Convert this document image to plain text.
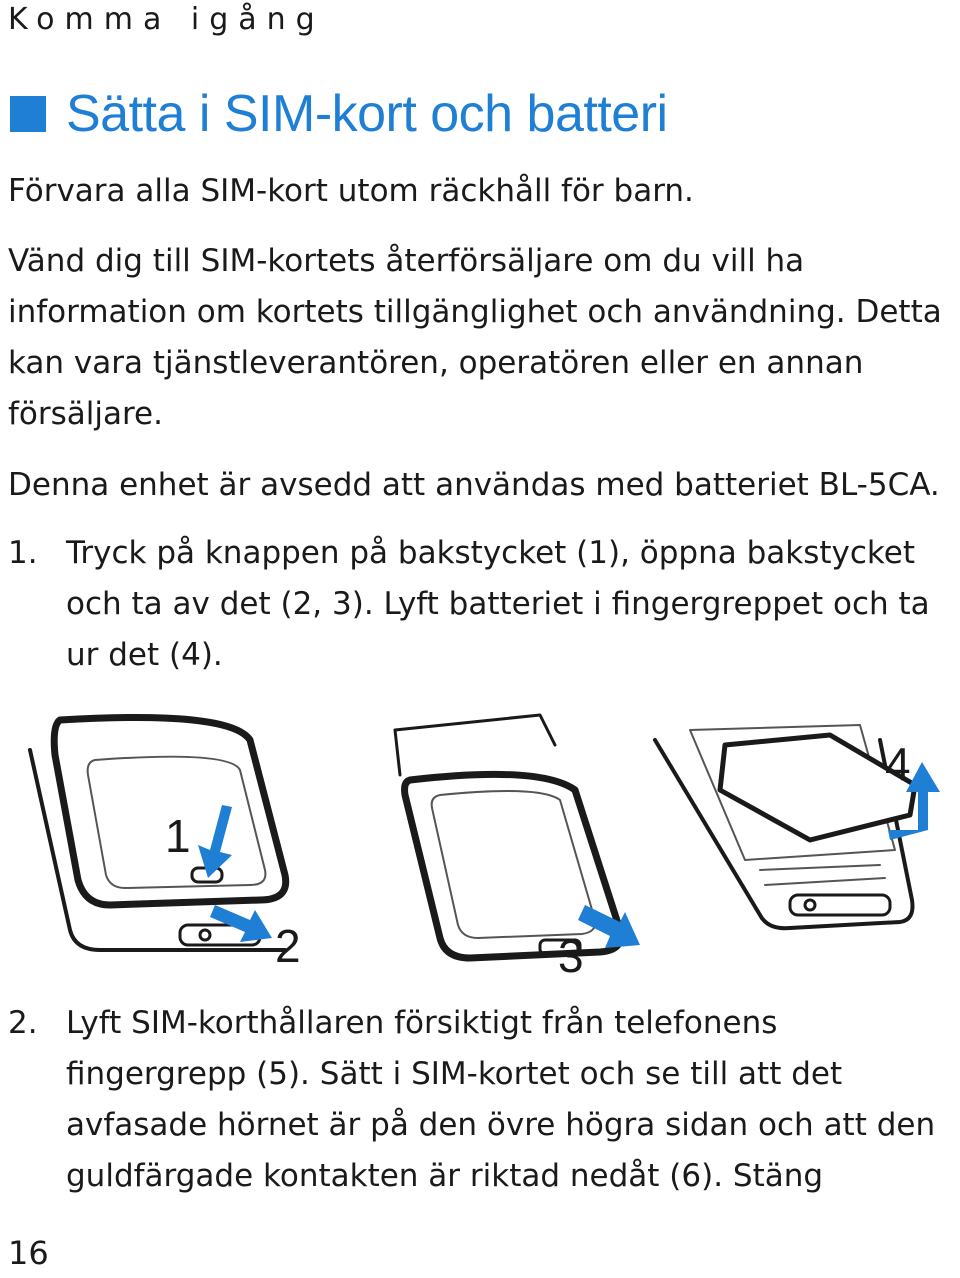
Komma igång
Sätta i SIM-kort och batteri

Förvara alla SIM-kort utom räckhåll för barn.

Vänd dig till SIM-kortets återförsäljare om du vill ha information om kortets tillgänglighet och användning. Detta kan vara tjänstleverantören, operatören eller en annan försäljare.

Denna enhet är avsedd att användas med batteriet BL-5CA.

1. Tryck på knappen på bakstycket (1), öppna bakstycket och ta av det (2, 3). Lyft batteriet i fingergreppet och ta ur det (4).
1
2	3
4
2. Lyft SIM-korthållaren försiktigt från telefonens fingergrepp (5). Sätt i SIM-kortet och se till att det avfasade hörnet är på den övre högra sidan och att den guldfärgade kontakten är riktad nedåt (6). Stäng
16
